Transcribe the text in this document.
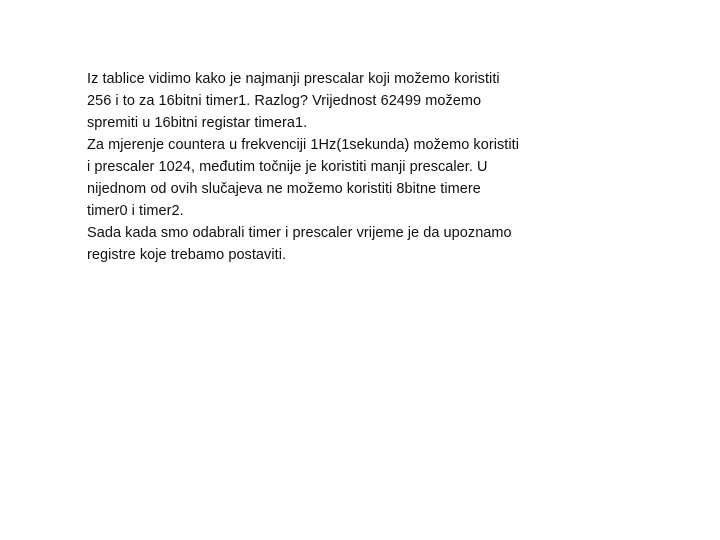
Iz tablice vidimo kako je najmanji prescalar koji možemo koristiti
256 i to za 16bitni timer1. Razlog? Vrijednost 62499 možemo
spremiti u 16bitni registar timera1.
Za mjerenje countera u frekvenciji 1Hz(1sekunda) možemo koristiti
i prescaler 1024, međutim točnije je koristiti manji prescaler. U
nijednom od ovih slučajeva ne možemo koristiti 8bitne timere
timer0 i timer2.
Sada kada smo odabrali timer i prescaler vrijeme je da upoznamo
registre koje trebamo postaviti.
